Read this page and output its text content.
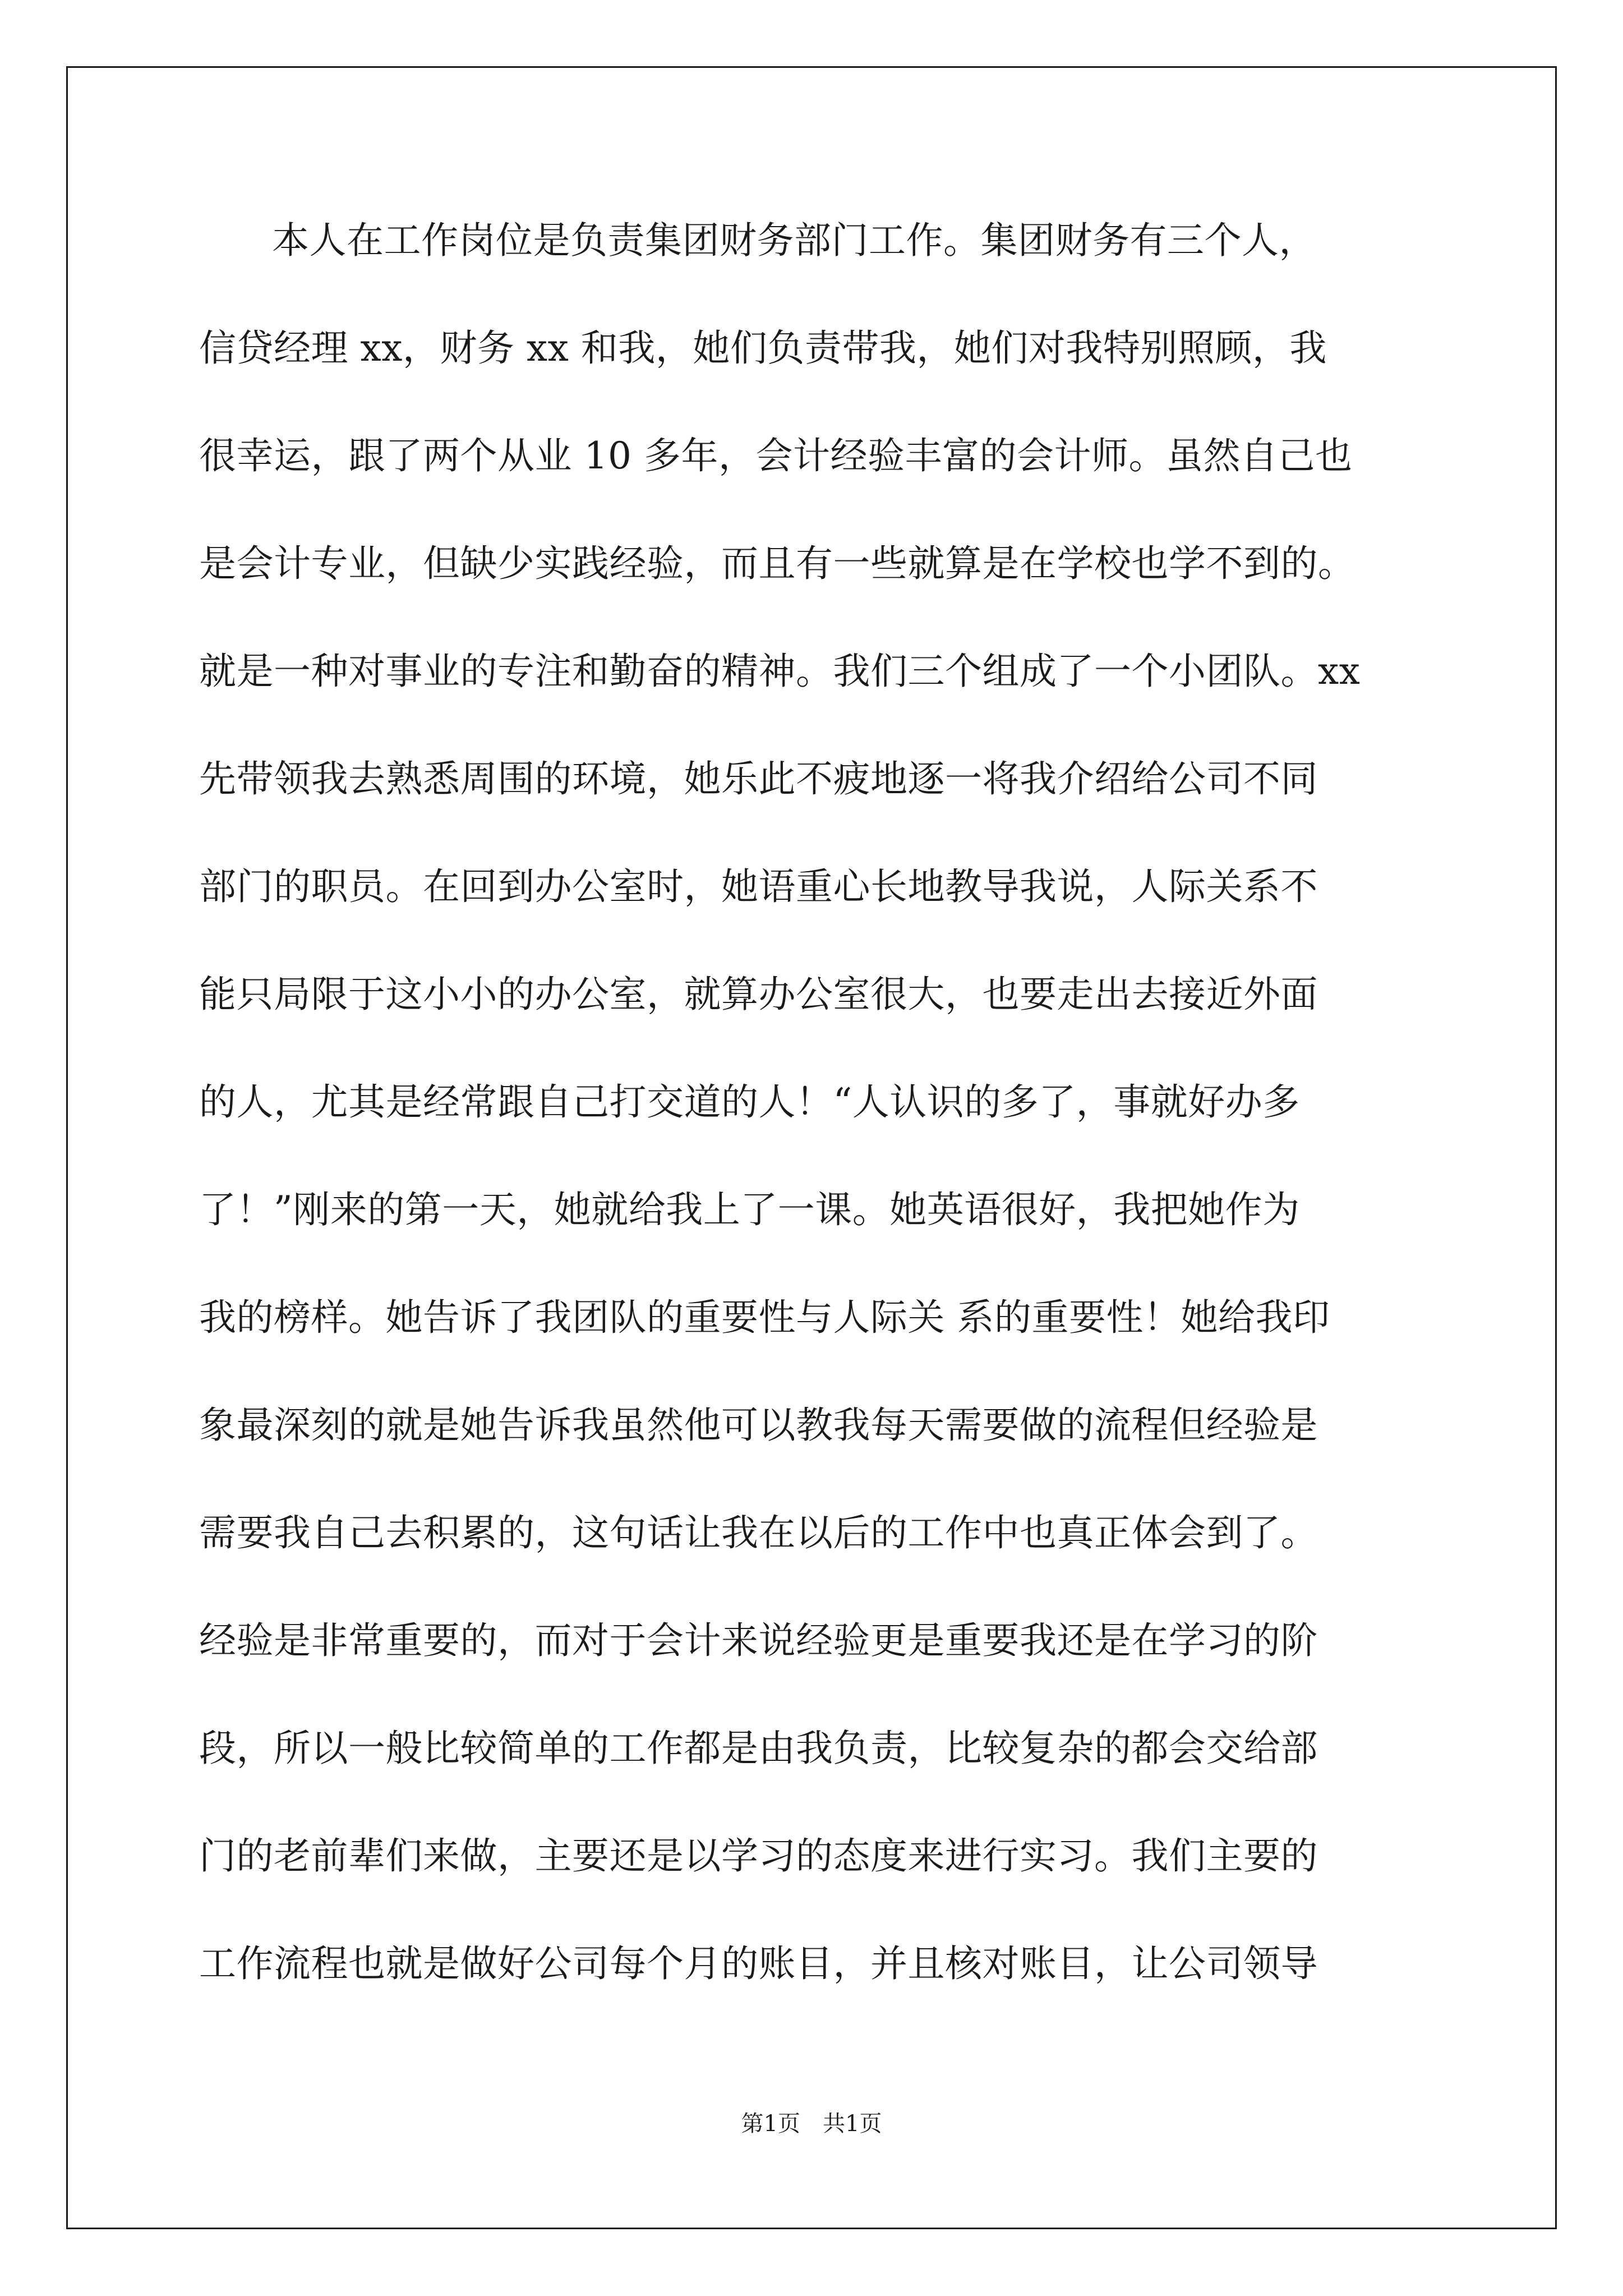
本人在工作岗位是负责集团财务部门工作。集团财务有三个人，
信贷经理 xx，财务 xx 和我，她们负责带我，她们对我特别照顾，我
很幸运，跟了两个从业 10 多年，会计经验丰富的会计师。虽然自己也
是会计专业，但缺少实践经验，而且有一些就算是在学校也学不到的。
就是一种对事业的专注和勤奋的精神。我们三个组成了一个小团队。xx
先带领我去熟悉周围的环境，她乐此不疲地逐一将我介绍给公司不同
部门的职员。在回到办公室时，她语重心长地教导我说，人际关系不
能只局限于这小小的办公室，就算办公室很大，也要走出去接近外面
的人，尤其是经常跟自己打交道的人！“人认识的多了，事就好办多
了！”刚来的第一天，她就给我上了一课。她英语很好，我把她作为
我的榜样。她告诉了我团队的重要性与人际关 系的重要性！她给我印
象最深刻的就是她告诉我虽然他可以教我每天需要做的流程但经验是
需要我自己去积累的，这句话让我在以后的工作中也真正体会到了。
经验是非常重要的，而对于会计来说经验更是重要我还是在学习的阶
段，所以一般比较简单的工作都是由我负责，比较复杂的都会交给部
门的老前辈们来做，主要还是以学习的态度来进行实习。我们主要的
工作流程也就是做好公司每个月的账目，并且核对账目，让公司领导
第1页　共1页
